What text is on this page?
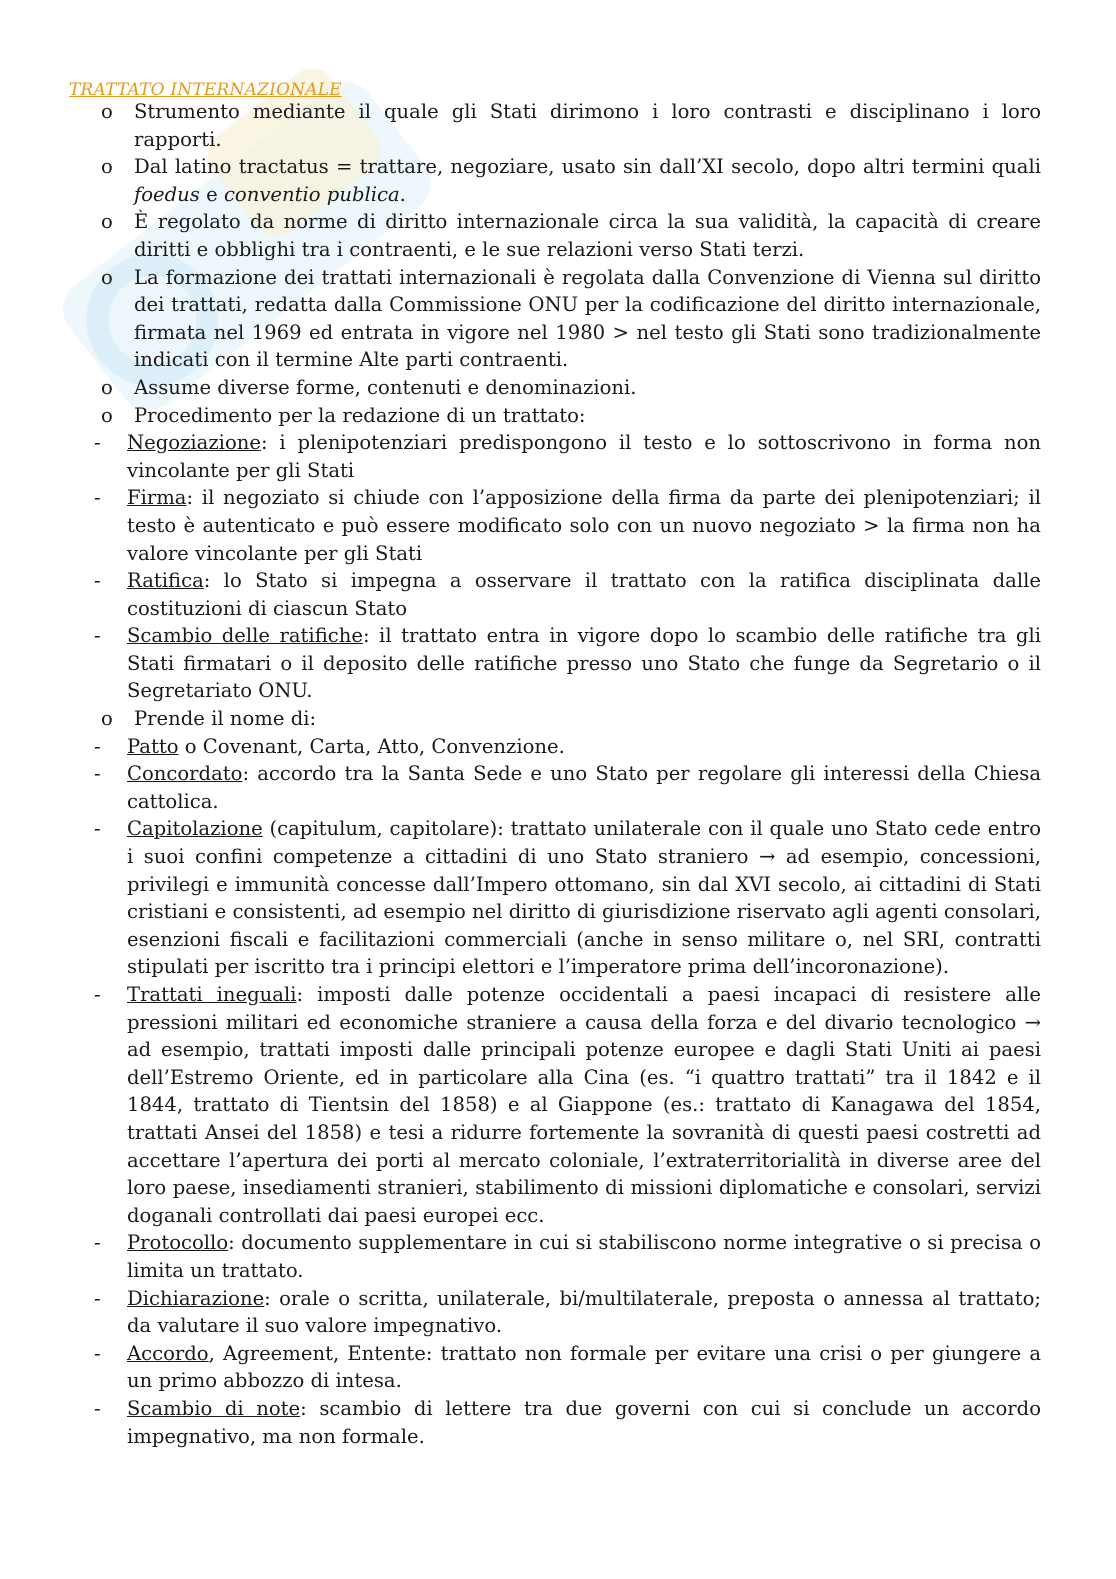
TRATTATO INTERNAZIONALE
o Strumento mediante il quale gli Stati dirimono i loro contrasti e disciplinano i loro rapporti.
o Dal latino tractatus = trattare, negoziare, usato sin dall’XI secolo, dopo altri termini quali foedus e conventio publica.
o È regolato da norme di diritto internazionale circa la sua validità, la capacità di creare diritti e obblighi tra i contraenti, e le sue relazioni verso Stati terzi.
o La formazione dei trattati internazionali è regolata dalla Convenzione di Vienna sul diritto dei trattati, redatta dalla Commissione ONU per la codificazione del diritto internazionale, firmata nel 1969 ed entrata in vigore nel 1980 > nel testo gli Stati sono tradizionalmente indicati con il termine Alte parti contraenti.
o Assume diverse forme, contenuti e denominazioni.
o Procedimento per la redazione di un trattato:
- Negoziazione: i plenipotenziari predispongono il testo e lo sottoscrivono in forma non vincolante per gli Stati
- Firma: il negoziato si chiude con l’apposizione della firma da parte dei plenipotenziari; il testo è autenticato e può essere modificato solo con un nuovo negoziato > la firma non ha valore vincolante per gli Stati
- Ratifica: lo Stato si impegna a osservare il trattato con la ratifica disciplinata dalle costituzioni di ciascun Stato
- Scambio delle ratifiche: il trattato entra in vigore dopo lo scambio delle ratifiche tra gli Stati firmatari o il deposito delle ratifiche presso uno Stato che funge da Segretario o il Segretariato ONU.
o Prende il nome di:
- Patto o Covenant, Carta, Atto, Convenzione.
- Concordato: accordo tra la Santa Sede e uno Stato per regolare gli interessi della Chiesa cattolica.
- Capitolazione (capitulum, capitolare): trattato unilaterale con il quale uno Stato cede entro i suoi confini competenze a cittadini di uno Stato straniero → ad esempio, concessioni, privilegi e immunità concesse dall’Impero ottomano, sin dal XVI secolo, ai cittadini di Stati cristiani e consistenti, ad esempio nel diritto di giurisdizione riservato agli agenti consolari, esenzioni fiscali e facilitazioni commerciali (anche in senso militare o, nel SRI, contratti stipulati per iscritto tra i principi elettori e l’imperatore prima dell’incoronazione).
- Trattati ineguali: imposti dalle potenze occidentali a paesi incapaci di resistere alle pressioni militari ed economiche straniere a causa della forza e del divario tecnologico → ad esempio, trattati imposti dalle principali potenze europee e dagli Stati Uniti ai paesi dell’Estremo Oriente, ed in particolare alla Cina (es. “i quattro trattati” tra il 1842 e il 1844, trattato di Tientsin del 1858) e al Giappone (es.: trattato di Kanagawa del 1854, trattati Ansei del 1858) e tesi a ridurre fortemente la sovranità di questi paesi costretti ad accettare l’apertura dei porti al mercato coloniale, l’extraterritorialità in diverse aree del loro paese, insediamenti stranieri, stabilimento di missioni diplomatiche e consolari, servizi doganali controllati dai paesi europei ecc.
- Protocollo: documento supplementare in cui si stabiliscono norme integrative o si precisa o limita un trattato.
- Dichiarazione: orale o scritta, unilaterale, bi/multilaterale, preposta o annessa al trattato; da valutare il suo valore impegnativo.
- Accordo, Agreement, Entente: trattato non formale per evitare una crisi o per giungere a un primo abbozzo di intesa.
- Scambio di note: scambio di lettere tra due governi con cui si conclude un accordo impegnativo, ma non formale.
